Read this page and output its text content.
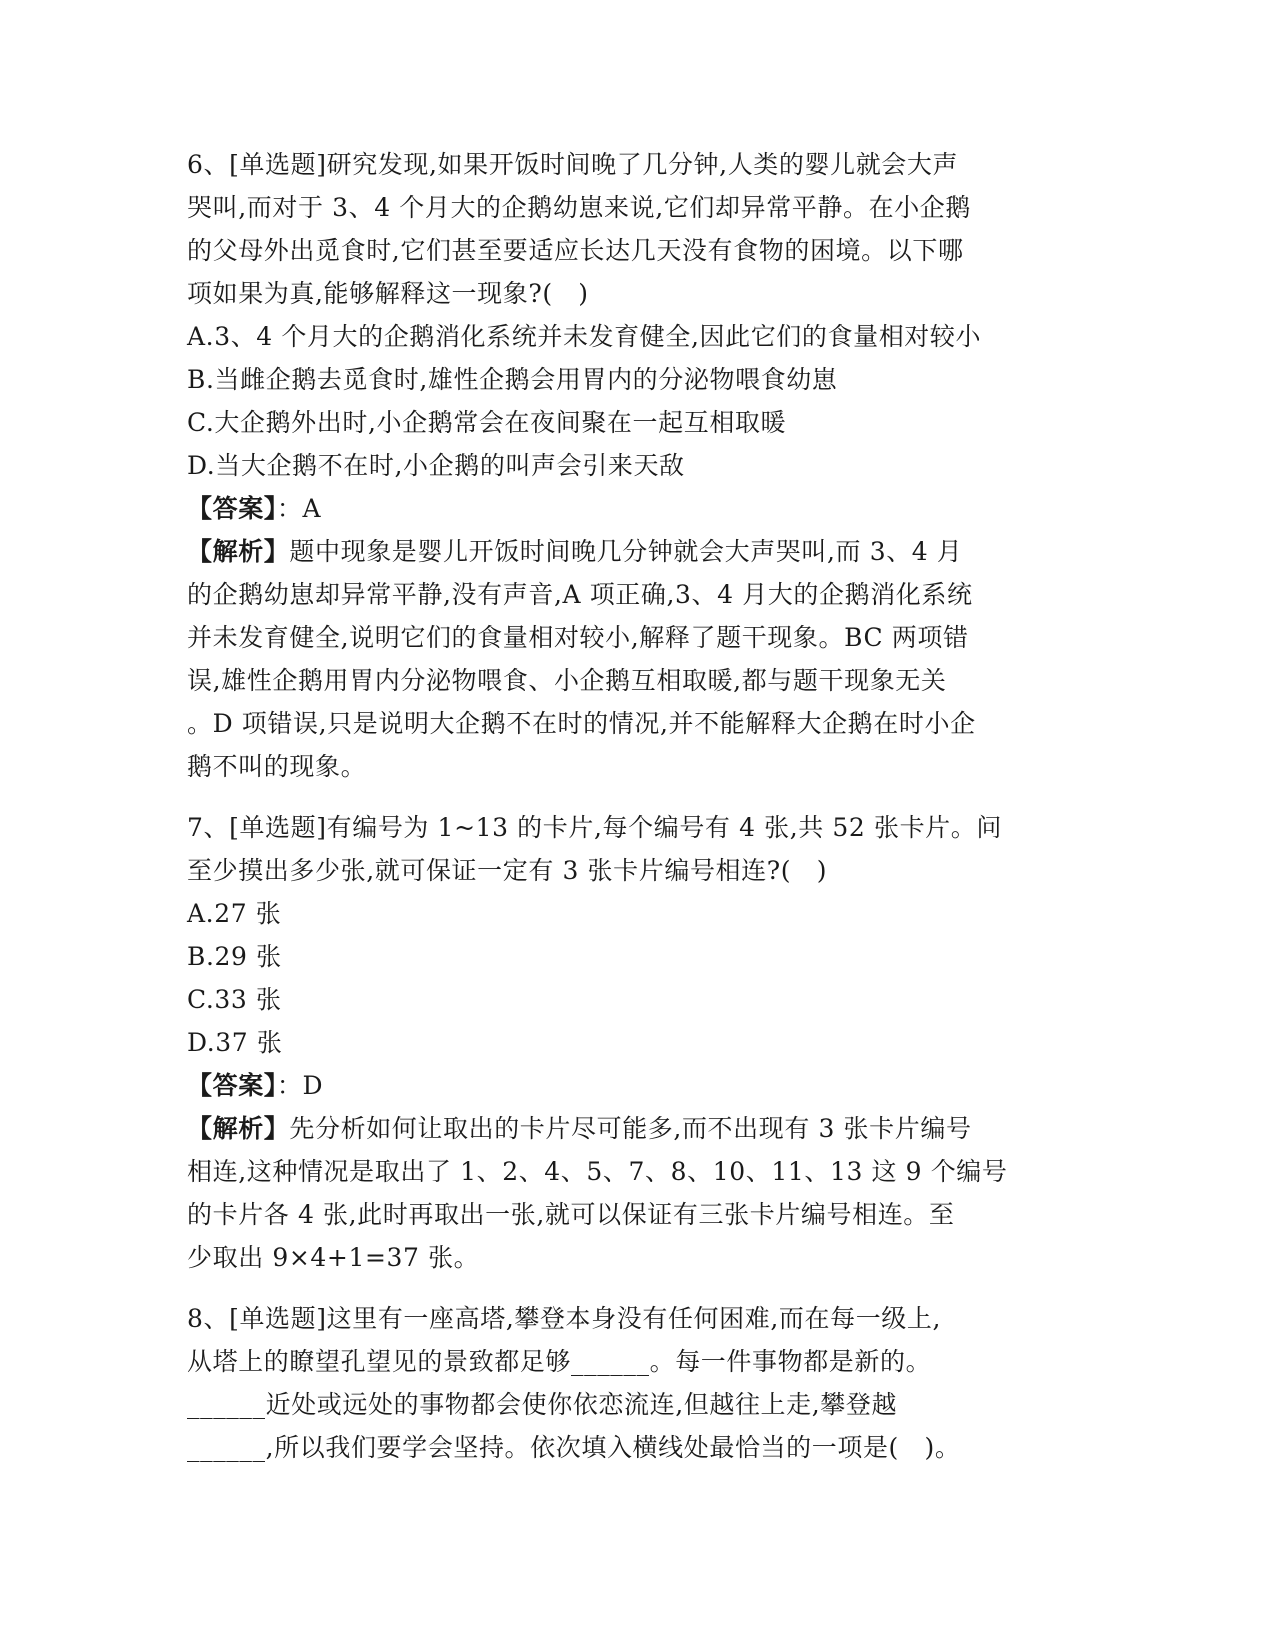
6、[单选题]研究发现,如果开饭时间晚了几分钟,人类的婴儿就会大声
哭叫,而对于 3、4 个月大的企鹅幼崽来说,它们却异常平静。在小企鹅
的父母外出觅食时,它们甚至要适应长达几天没有食物的困境。以下哪
项如果为真,能够解释这一现象?(　)

A.3、4 个月大的企鹅消化系统并未发育健全,因此它们的食量相对较小

B.当雌企鹅去觅食时,雄性企鹅会用胃内的分泌物喂食幼崽

C.大企鹅外出时,小企鹅常会在夜间聚在一起互相取暖

D.当大企鹅不在时,小企鹅的叫声会引来天敌

【答案】：A

【解析】题中现象是婴儿开饭时间晚几分钟就会大声哭叫,而 3、4 月
的企鹅幼崽却异常平静,没有声音,A 项正确,3、4 月大的企鹅消化系统
并未发育健全,说明它们的食量相对较小,解释了题干现象。BC 两项错
误,雄性企鹅用胃内分泌物喂食、小企鹅互相取暖,都与题干现象无关
。D 项错误,只是说明大企鹅不在时的情况,并不能解释大企鹅在时小企
鹅不叫的现象。

7、[单选题]有编号为 1~13 的卡片,每个编号有 4 张,共 52 张卡片。问
至少摸出多少张,就可保证一定有 3 张卡片编号相连?(　)

A.27 张

B.29 张

C.33 张

D.37 张

【答案】：D

【解析】先分析如何让取出的卡片尽可能多,而不出现有 3 张卡片编号
相连,这种情况是取出了 1、2、4、5、7、8、10、11、13 这 9 个编号
的卡片各 4 张,此时再取出一张,就可以保证有三张卡片编号相连。至
少取出 9×4+1=37 张。

8、[单选题]这里有一座高塔,攀登本身没有任何困难,而在每一级上,
从塔上的瞭望孔望见的景致都足够______。每一件事物都是新的。
______近处或远处的事物都会使你依恋流连,但越往上走,攀登越
______,所以我们要学会坚持。依次填入横线处最恰当的一项是(　)。
